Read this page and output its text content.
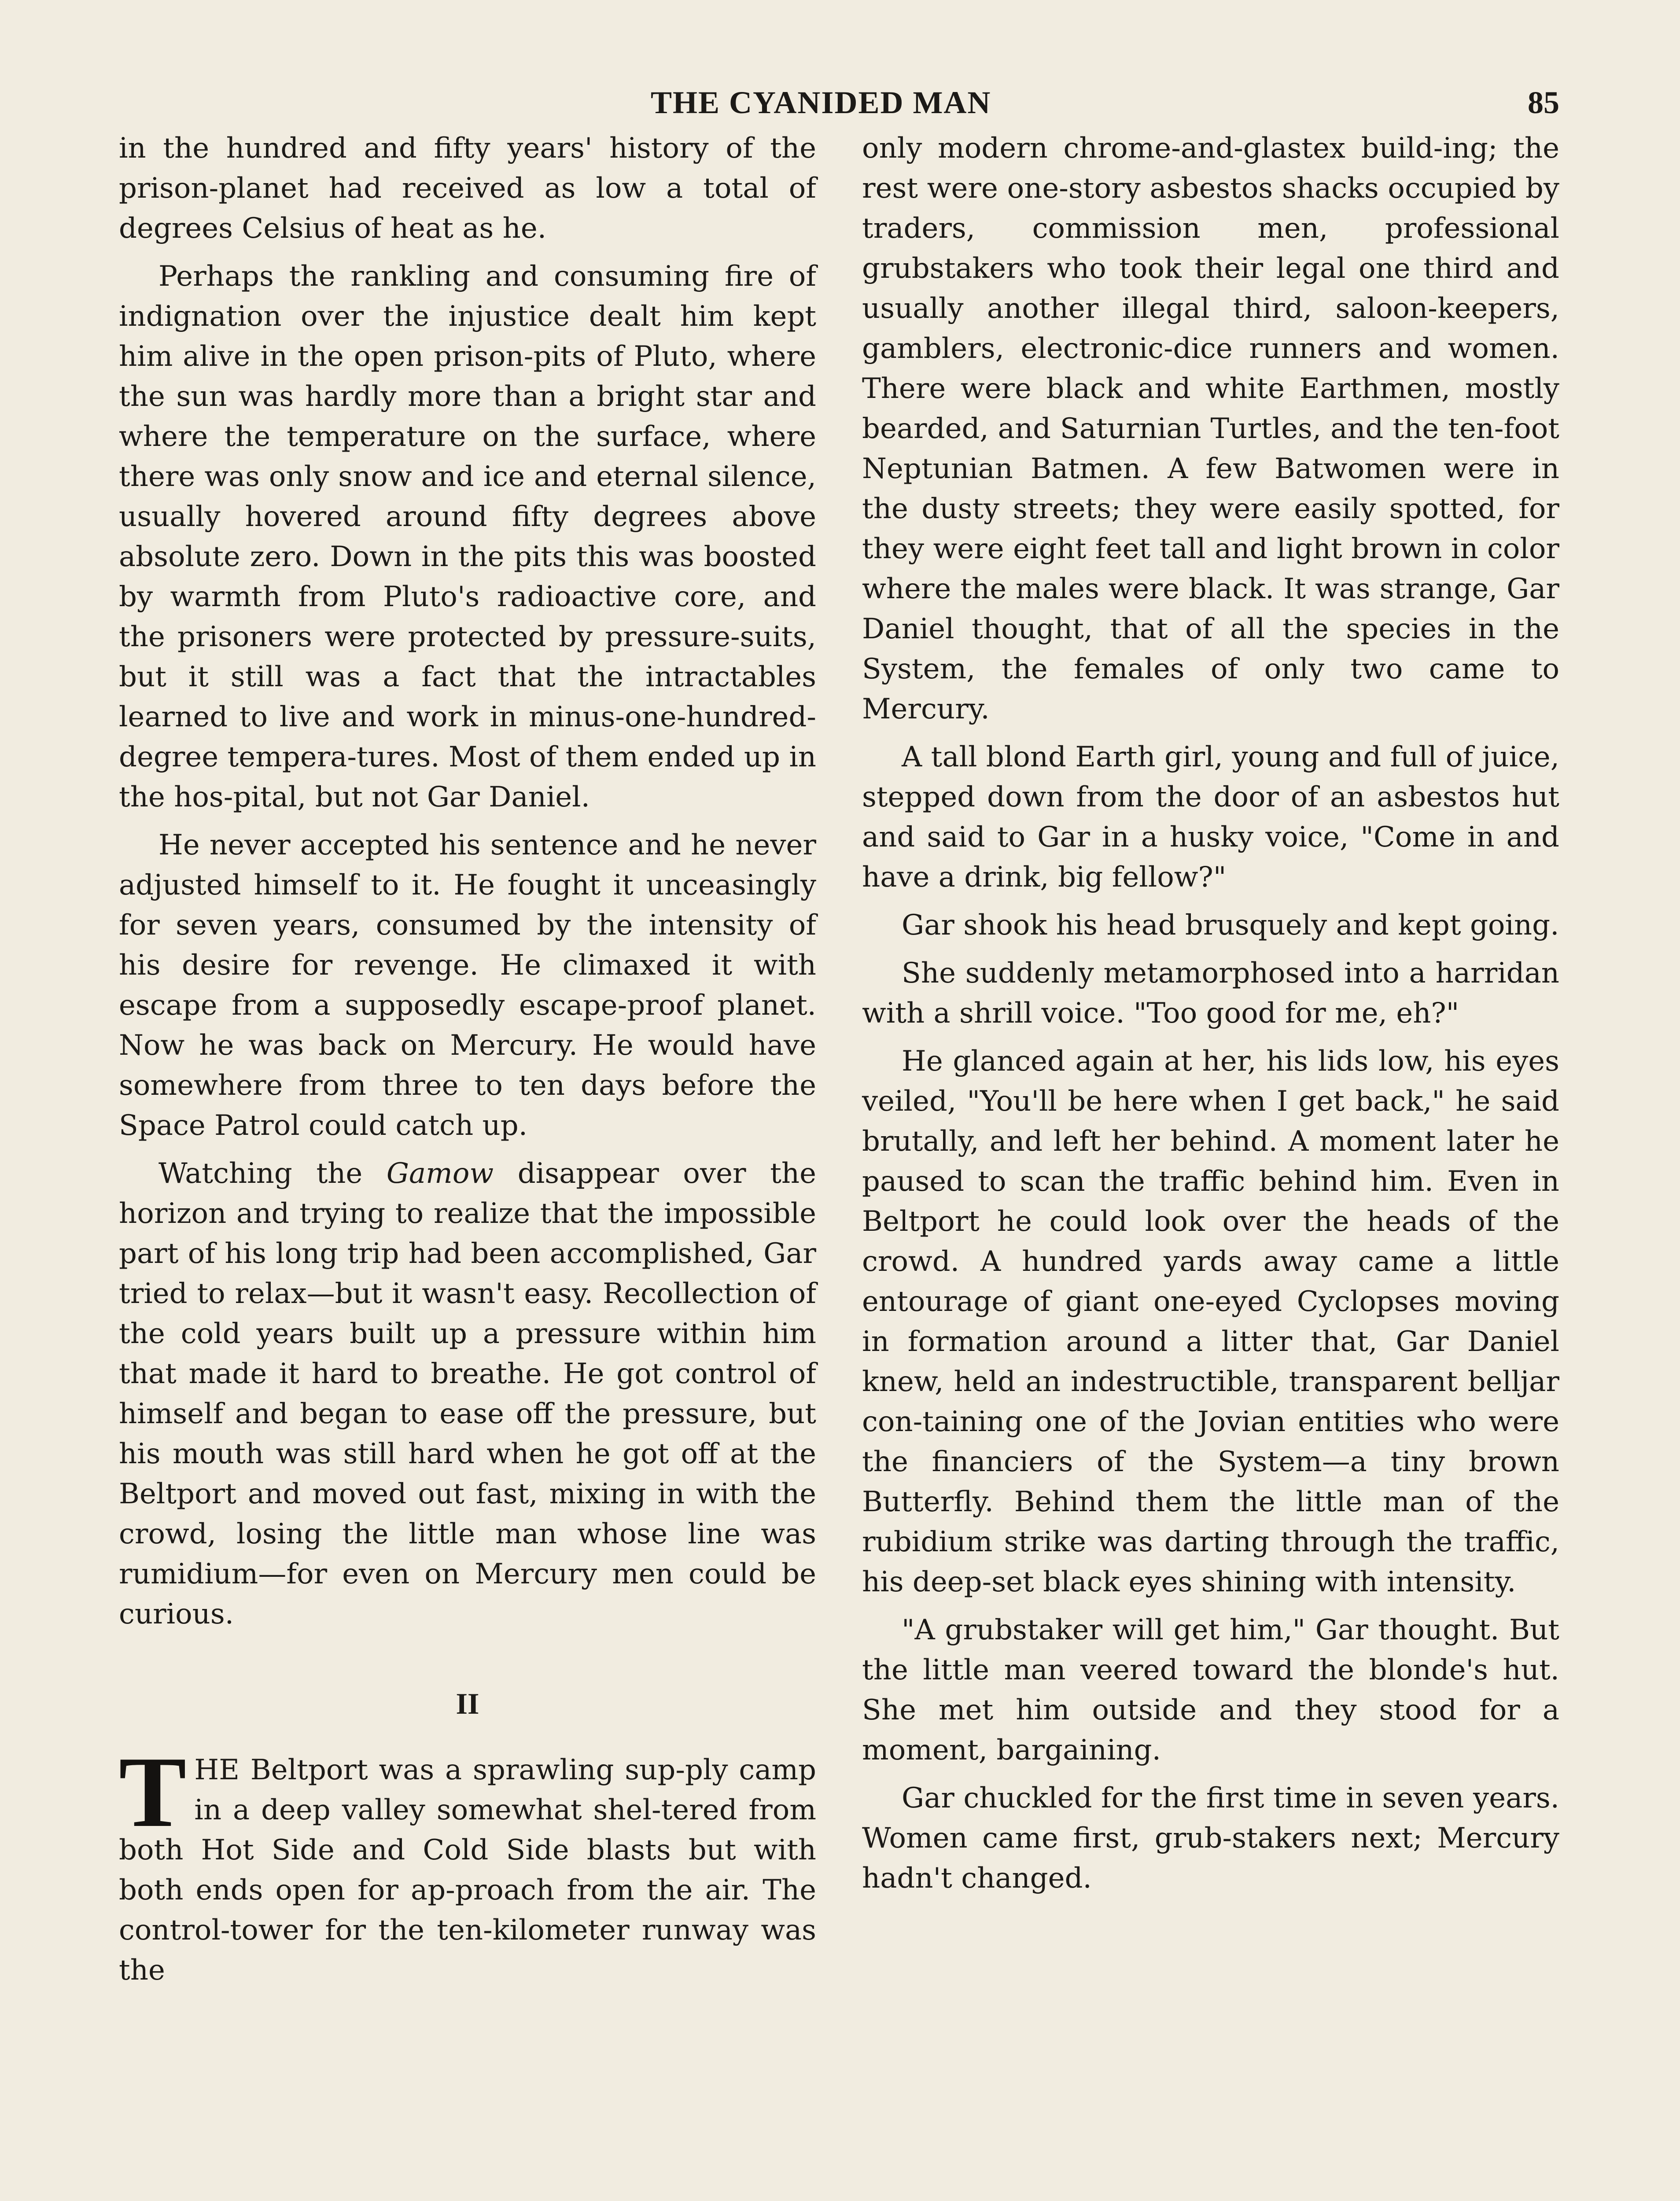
THE CYANIDED MAN	85

in the hundred and fifty years' history of the prison-planet had received as low a total of degrees Celsius of heat as he.

Perhaps the rankling and consuming fire of indignation over the injustice dealt him kept him alive in the open prison-pits of Pluto, where the sun was hardly more than a bright star and where the temperature on the surface, where there was only snow and ice and eternal silence, usually hovered around fifty degrees above absolute zero. Down in the pits this was boosted by warmth from Pluto's radioactive core, and the prisoners were protected by pressure-suits, but it still was a fact that the intractables learned to live and work in minus-one-hundred-degree tempera-tures. Most of them ended up in the hos-pital, but not Gar Daniel.

He never accepted his sentence and he never adjusted himself to it. He fought it unceasingly for seven years, consumed by the intensity of his desire for revenge. He climaxed it with escape from a supposedly escape-proof planet. Now he was back on Mercury. He would have somewhere from three to ten days before the Space Patrol could catch up.

Watching the Gamow disappear over the horizon and trying to realize that the impossible part of his long trip had been accomplished, Gar tried to relax—but it wasn't easy. Recollection of the cold years built up a pressure within him that made it hard to breathe. He got control of himself and began to ease off the pressure, but his mouth was still hard when he got off at the Beltport and moved out fast, mixing in with the crowd, losing the little man whose line was rumidium—for even on Mercury men could be curious.

II

THE Beltport was a sprawling sup-ply camp in a deep valley somewhat shel-tered from both Hot Side and Cold Side blasts but with both ends open for ap-proach from the air. The control-tower for the ten-kilometer runway was the

only modern chrome-and-glastex build-ing; the rest were one-story asbestos shacks occupied by traders, commission men, professional grubstakers who took their legal one third and usually another illegal third, saloon-keepers, gamblers, electronic-dice runners and women. There were black and white Earthmen, mostly bearded, and Saturnian Turtles, and the ten-foot Neptunian Batmen. A few Batwomen were in the dusty streets; they were easily spotted, for they were eight feet tall and light brown in color where the males were black. It was strange, Gar Daniel thought, that of all the species in the System, the females of only two came to Mercury.

A tall blond Earth girl, young and full of juice, stepped down from the door of an asbestos hut and said to Gar in a husky voice, "Come in and have a drink, big fellow?"

Gar shook his head brusquely and kept going.

She suddenly metamorphosed into a harridan with a shrill voice. "Too good for me, eh?"

He glanced again at her, his lids low, his eyes veiled, "You'll be here when I get back," he said brutally, and left her behind. A moment later he paused to scan the traffic behind him. Even in Beltport he could look over the heads of the crowd. A hundred yards away came a little entourage of giant one-eyed Cyclopses moving in formation around a litter that, Gar Daniel knew, held an indestructible, transparent belljar con-taining one of the Jovian entities who were the financiers of the System—a tiny brown Butterfly. Behind them the little man of the rubidium strike was darting through the traffic, his deep-set black eyes shining with intensity.

"A grubstaker will get him," Gar thought. But the little man veered toward the blonde's hut. She met him outside and they stood for a moment, bargaining.

Gar chuckled for the first time in seven years. Women came first, grub-stakers next; Mercury hadn't changed.
